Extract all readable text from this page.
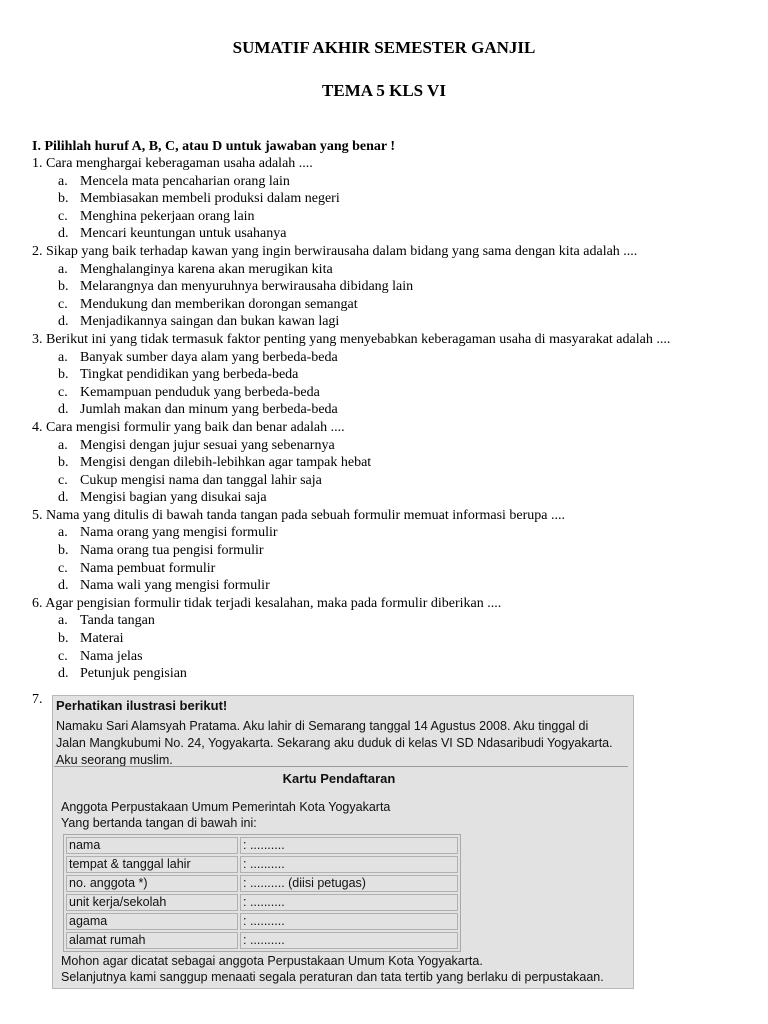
SUMATIF AKHIR SEMESTER GANJIL
TEMA 5 KLS VI
I. Pilihlah huruf A, B, C, atau D untuk jawaban yang benar !
1. Cara menghargai keberagaman usaha adalah ....
a. Mencela mata pencaharian orang lain
b. Membiasakan membeli produksi dalam negeri
c. Menghina pekerjaan orang lain
d. Mencari keuntungan untuk usahanya
2. Sikap yang baik terhadap kawan yang ingin berwirausaha dalam bidang yang sama dengan kita adalah ....
a. Menghalanginya karena akan merugikan kita
b. Melarangnya dan menyuruhnya berwirausaha dibidang lain
c. Mendukung dan memberikan dorongan semangat
d. Menjadikannya saingan dan bukan kawan lagi
3. Berikut ini yang tidak termasuk faktor penting yang menyebabkan keberagaman usaha di masyarakat adalah ....
a. Banyak sumber daya alam yang berbeda-beda
b. Tingkat pendidikan yang berbeda-beda
c. Kemampuan penduduk yang berbeda-beda
d. Jumlah makan dan minum yang berbeda-beda
4. Cara mengisi formulir yang baik dan benar adalah ....
a. Mengisi dengan jujur sesuai yang sebenarnya
b. Mengisi dengan dilebih-lebihkan agar tampak hebat
c. Cukup mengisi nama dan tanggal lahir saja
d. Mengisi bagian yang disukai saja
5. Nama yang ditulis di bawah tanda tangan pada sebuah formulir memuat informasi berupa ....
a. Nama orang yang mengisi formulir
b. Nama orang tua pengisi formulir
c. Nama pembuat formulir
d. Nama wali yang mengisi formulir
6. Agar pengisian formulir tidak terjadi kesalahan, maka pada formulir diberikan ....
a. Tanda tangan
b. Materai
c. Nama jelas
d. Petunjuk pengisian
7. Perhatikan ilustrasi berikut!
Namaku Sari Alamsyah Pratama. Aku lahir di Semarang tanggal 14 Agustus 2008. Aku tinggal di
Jalan Mangkubumi No. 24, Yogyakarta. Sekarang aku duduk di kelas VI SD Ndasaribudi Yogyakarta.
Aku seorang muslim.
Kartu Pendaftaran
Anggota Perpustakaan Umum Pemerintah Kota Yogyakarta
Yang bertanda tangan di bawah ini:
nama	: ..........
tempat & tanggal lahir	: ..........
no. anggota *)	: .......... (diisi petugas)
unit kerja/sekolah	: ..........
agama	: ..........
alamat rumah	: ..........
Mohon agar dicatat sebagai anggota Perpustakaan Umum Kota Yogyakarta.
Selanjutnya kami sanggup menaati segala peraturan dan tata tertib yang berlaku di perpustakaan.
